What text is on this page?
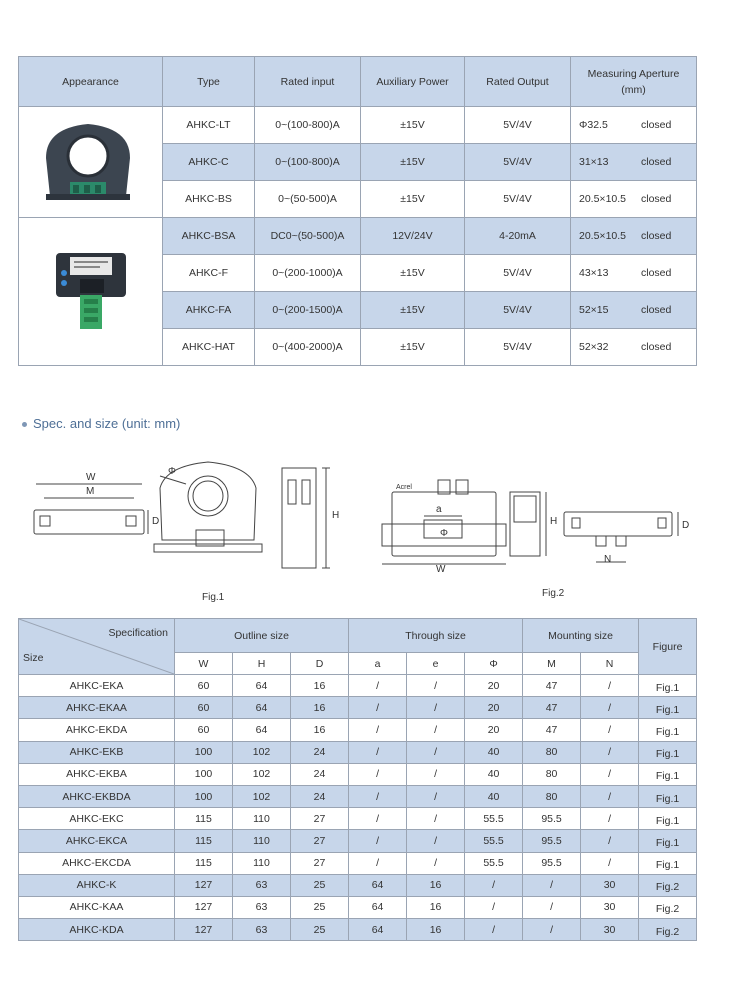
Appearance	Type	Rated input	Auxiliary Power	Rated Output	Measuring Aperture
(mm)

	AHKC-LT	0~(100-800)A	±15V	5V/4V	Φ32.5 closed
	AHKC-C	0~(100-800)A	±15V	5V/4V	31×13 closed
	AHKC-BS	0~(50-500)A	±15V	5V/4V	20.5×10.5 closed
	AHKC-BSA	DC0~(50-500)A	12V/24V	4-20mA	20.5×10.5 closed
	AHKC-F	0~(200-1000)A	±15V	5V/4V	43×13 closed
	AHKC-FA	0~(200-1500)A	±15V	5V/4V	52×15 closed
	AHKC-HAT	0~(400-2000)A	±15V	5V/4V	52×32 closed
Spec. and size (unit: mm)
W
M
D
Φ
H
Acrel
a
Φ
W
H	D
N
Fig.1	Fig.2
Specification
Size	Outline size			Through size			Mounting size		Figure
	W	H	D	a	e	Φ	M	N	
AHKC-EKA	60	64	16	/	/	20	47	/	Fig.1
AHKC-EKAA	60	64	16	/	/	20	47	/	Fig.1
AHKC-EKDA	60	64	16	/	/	20	47	/	Fig.1
AHKC-EKB	100	102	24	/	/	40	80	/	Fig.1
AHKC-EKBA	100	102	24	/	/	40	80	/	Fig.1
AHKC-EKBDA	100	102	24	/	/	40	80	/	Fig.1
AHKC-EKC	115	110	27	/	/	55.5	95.5	/	Fig.1
AHKC-EKCA	115	110	27	/	/	55.5	95.5	/	Fig.1
AHKC-EKCDA	115	110	27	/	/	55.5	95.5	/	Fig.1
AHKC-K	127	63	25	64	16	/	/	30	Fig.2
AHKC-KAA	127	63	25	64	16	/	/	30	Fig.2
AHKC-KDA	127	63	25	64	16	/	/	30	Fig.2
